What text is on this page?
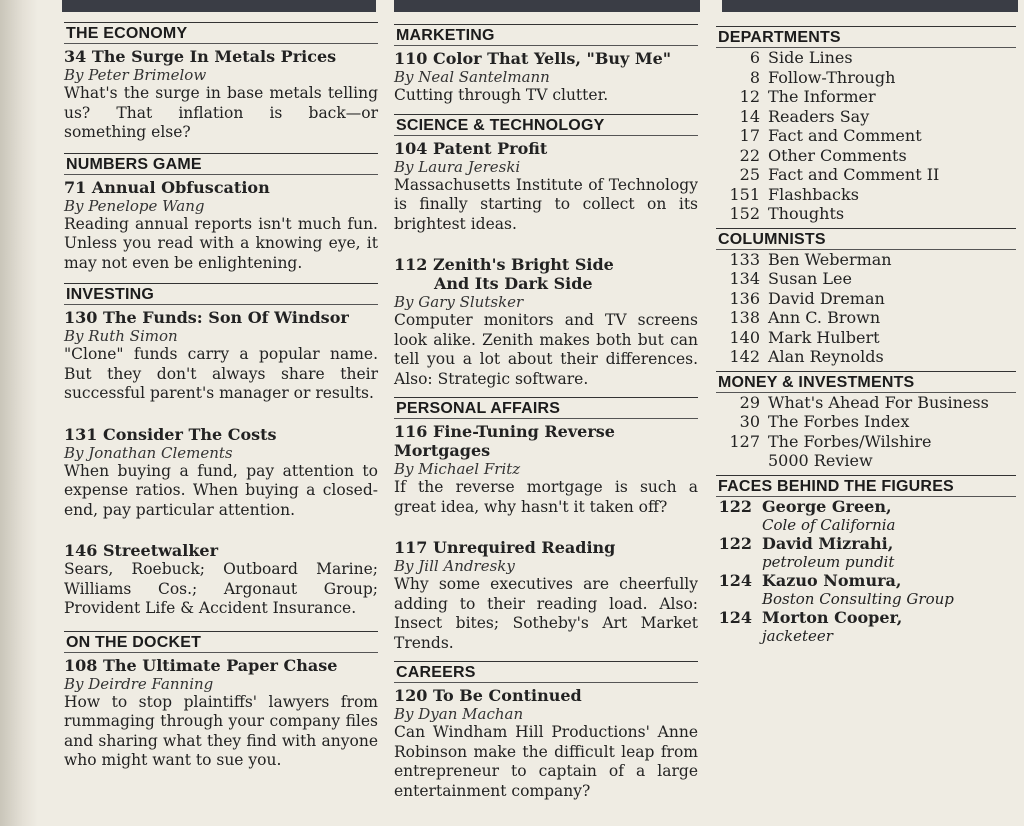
THE ECONOMY
34 The Surge In Metals Prices
By Peter Brimelow
What's the surge in base metals telling us? That inflation is back—or something else?
NUMBERS GAME
71 Annual Obfuscation
By Penelope Wang
Reading annual reports isn't much fun. Unless you read with a knowing eye, it may not even be enlightening.
INVESTING
130 The Funds: Son Of Windsor
By Ruth Simon
"Clone" funds carry a popular name. But they don't always share their successful parent's manager or results.
131 Consider The Costs
By Jonathan Clements
When buying a fund, pay attention to expense ratios. When buying a closed-end, pay particular attention.
146 Streetwalker
Sears, Roebuck; Outboard Marine; Williams Cos.; Argonaut Group; Provident Life & Accident Insurance.
ON THE DOCKET
108 The Ultimate Paper Chase
By Deirdre Fanning
How to stop plaintiffs' lawyers from rummaging through your company files and sharing what they find with anyone who might want to sue you.
MARKETING
110 Color That Yells, "Buy Me"
By Neal Santelmann
Cutting through TV clutter.
SCIENCE & TECHNOLOGY
104 Patent Profit
By Laura Jereski
Massachusetts Institute of Technology is finally starting to collect on its brightest ideas.
112 Zenith's Bright Side
And Its Dark Side
By Gary Slutsker
Computer monitors and TV screens look alike. Zenith makes both but can tell you a lot about their differences. Also: Strategic software.
PERSONAL AFFAIRS
116 Fine-Tuning Reverse Mortgages
By Michael Fritz
If the reverse mortgage is such a great idea, why hasn't it taken off?
117 Unrequired Reading
By Jill Andresky
Why some executives are cheerfully adding to their reading load. Also: Insect bites; Sotheby's Art Market Trends.
CAREERS
120 To Be Continued
By Dyan Machan
Can Windham Hill Productions' Anne Robinson make the difficult leap from entrepreneur to captain of a large entertainment company?
DEPARTMENTS
6 Side Lines
8 Follow-Through
12 The Informer
14 Readers Say
17 Fact and Comment
22 Other Comments
25 Fact and Comment II
151 Flashbacks
152 Thoughts
COLUMNISTS
133 Ben Weberman
134 Susan Lee
136 David Dreman
138 Ann C. Brown
140 Mark Hulbert
142 Alan Reynolds
MONEY & INVESTMENTS
29 What's Ahead For Business
30 The Forbes Index
127 The Forbes/Wilshire
5000 Review
FACES BEHIND THE FIGURES
122 George Green,
Cole of California
122 David Mizrahi,
petroleum pundit
124 Kazuo Nomura,
Boston Consulting Group
124 Morton Cooper,
jacketeer
